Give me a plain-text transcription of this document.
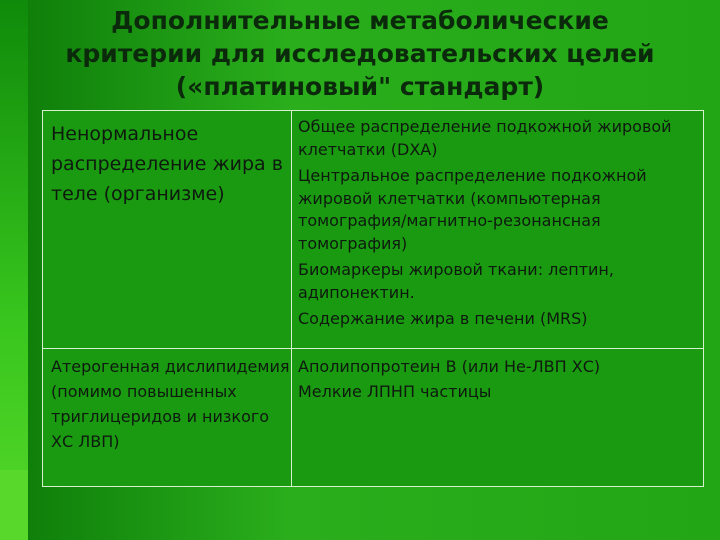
Дополнительные метаболические
критерии для исследовательских целей
(«платиновый" стандарт)
Ненормальное распределение жира в теле (организме)

Общее распределение подкожной жировой клетчатки (DXA)

Центральное распределение подкожной жировой клетчатки (компьютерная томография/магнитно-резонансная томография)

Биомаркеры жировой ткани: лептин, адипонектин.

Содержание жира в печени (MRS)

Атерогенная дислипидемия (помимо повышенных триглицеридов и низкого ХС ЛВП)

Аполипопротеин В (или Не-ЛВП ХС)

Мелкие ЛПНП частицы
